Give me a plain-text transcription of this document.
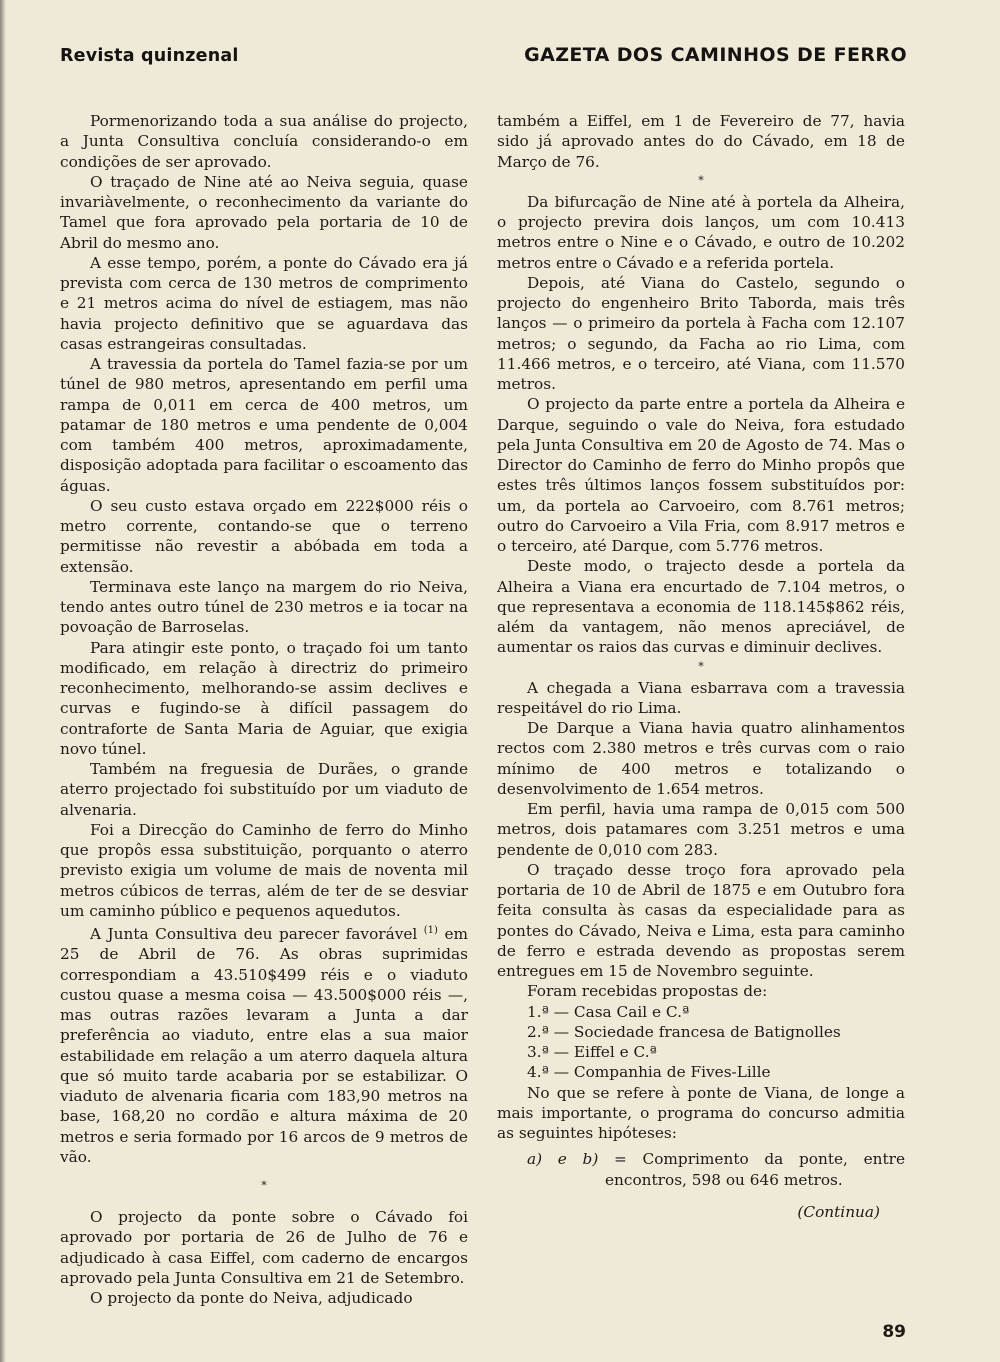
Revista quinzenal	GAZETA DOS CAMINHOS DE FERRO

Pormenorizando toda a sua análise do projecto, a Junta Consultiva concluía considerando-o em condições de ser aprovado.

O traçado de Nine até ao Neiva seguia, quase invariàvelmente, o reconhecimento da variante do Tamel que fora aprovado pela portaria de 10 de Abril do mesmo ano.

A esse tempo, porém, a ponte do Cávado era já prevista com cerca de 130 metros de comprimento e 21 metros acima do nível de estiagem, mas não havia projecto definitivo que se aguardava das casas estrangeiras consultadas.

A travessia da portela do Tamel fazia-se por um túnel de 980 metros, apresentando em perfil uma rampa de 0,011 em cerca de 400 metros, um patamar de 180 metros e uma pendente de 0,004 com também 400 metros, aproximadamente, disposição adoptada para facilitar o escoamento das águas.

O seu custo estava orçado em 222$000 réis o metro corrente, contando-se que o terreno permitisse não revestir a abóbada em toda a extensão.

Terminava este lanço na margem do rio Neiva, tendo antes outro túnel de 230 metros e ia tocar na povoação de Barroselas.

Para atingir este ponto, o traçado foi um tanto modificado, em relação à directriz do primeiro reconhecimento, melhorando-se assim declives e curvas e fugindo-se à difícil passagem do contraforte de Santa Maria de Aguiar, que exigia novo túnel.

Também na freguesia de Durães, o grande aterro projectado foi substituído por um viaduto de alvenaria.

Foi a Direcção do Caminho de ferro do Minho que propôs essa substituição, porquanto o aterro previsto exigia um volume de mais de noventa mil metros cúbicos de terras, além de ter de se desviar um caminho público e pequenos aquedutos.

A Junta Consultiva deu parecer favorável $^{(1)}$ em 25 de Abril de 76. As obras suprimidas correspondiam a 43.510$499 réis e o viaduto custou quase a mesma coisa — 43.500$000 réis —, mas outras razões levaram a Junta a dar preferência ao viaduto, entre elas a sua maior estabilidade em relação a um aterro daquela altura que só muito tarde acabaria por se estabilizar. O viaduto de alvenaria ficaria com 183,90 metros na base, 168,20 no cordão e altura máxima de 20 metros e seria formado por 16 arcos de 9 metros de vão.

*

O projecto da ponte sobre o Cávado foi aprovado por portaria de 26 de Julho de 76 e adjudicado à casa Eiffel, com caderno de encargos aprovado pela Junta Consultiva em 21 de Setembro.

O projecto da ponte do Neiva, adjudicado

também a Eiffel, em 1 de Fevereiro de 77, havia sido já aprovado antes do do Cávado, em 18 de Março de 76.

*

Da bifurcação de Nine até à portela da Alheira, o projecto previra dois lanços, um com 10.413 metros entre o Nine e o Cávado, e outro de 10.202 metros entre o Cávado e a referida portela.

Depois, até Viana do Castelo, segundo o projecto do engenheiro Brito Taborda, mais três lanços — o primeiro da portela à Facha com 12.107 metros; o segundo, da Facha ao rio Lima, com 11.466 metros, e o terceiro, até Viana, com 11.570 metros.

O projecto da parte entre a portela da Alheira e Darque, seguindo o vale do Neiva, fora estudado pela Junta Consultiva em 20 de Agosto de 74. Mas o Director do Caminho de ferro do Minho propôs que estes três últimos lanços fossem substituídos por: um, da portela ao Carvoeiro, com 8.761 metros; outro do Carvoeiro a Vila Fria, com 8.917 metros e o terceiro, até Darque, com 5.776 metros.

Deste modo, o trajecto desde a portela da Alheira a Viana era encurtado de 7.104 metros, o que representava a economia de 118.145$862 réis, além da vantagem, não menos apreciável, de aumentar os raios das curvas e diminuir declives.

*

A chegada a Viana esbarrava com a travessia respeitável do rio Lima.

De Darque a Viana havia quatro alinhamentos rectos com 2.380 metros e três curvas com o raio mínimo de 400 metros e totalizando o desenvolvimento de 1.654 metros.

Em perfil, havia uma rampa de 0,015 com 500 metros, dois patamares com 3.251 metros e uma pendente de 0,010 com 283.

O traçado desse troço fora aprovado pela portaria de 10 de Abril de 1875 e em Outubro fora feita consulta às casas da especialidade para as pontes do Cávado, Neiva e Lima, esta para caminho de ferro e estrada devendo as propostas serem entregues em 15 de Novembro seguinte.

Foram recebidas propostas de:

1.ª — Casa Cail e C.ª
2.ª — Sociedade francesa de Batignolles
3.ª — Eiffel e C.ª
4.ª — Companhia de Fives-Lille

No que se refere à ponte de Viana, de longe a mais importante, o programa do concurso admitia as seguintes hipóteses:

a) e b) = Comprimento da ponte, entre encontros, 598 ou 646 metros.
(Continua)
89
